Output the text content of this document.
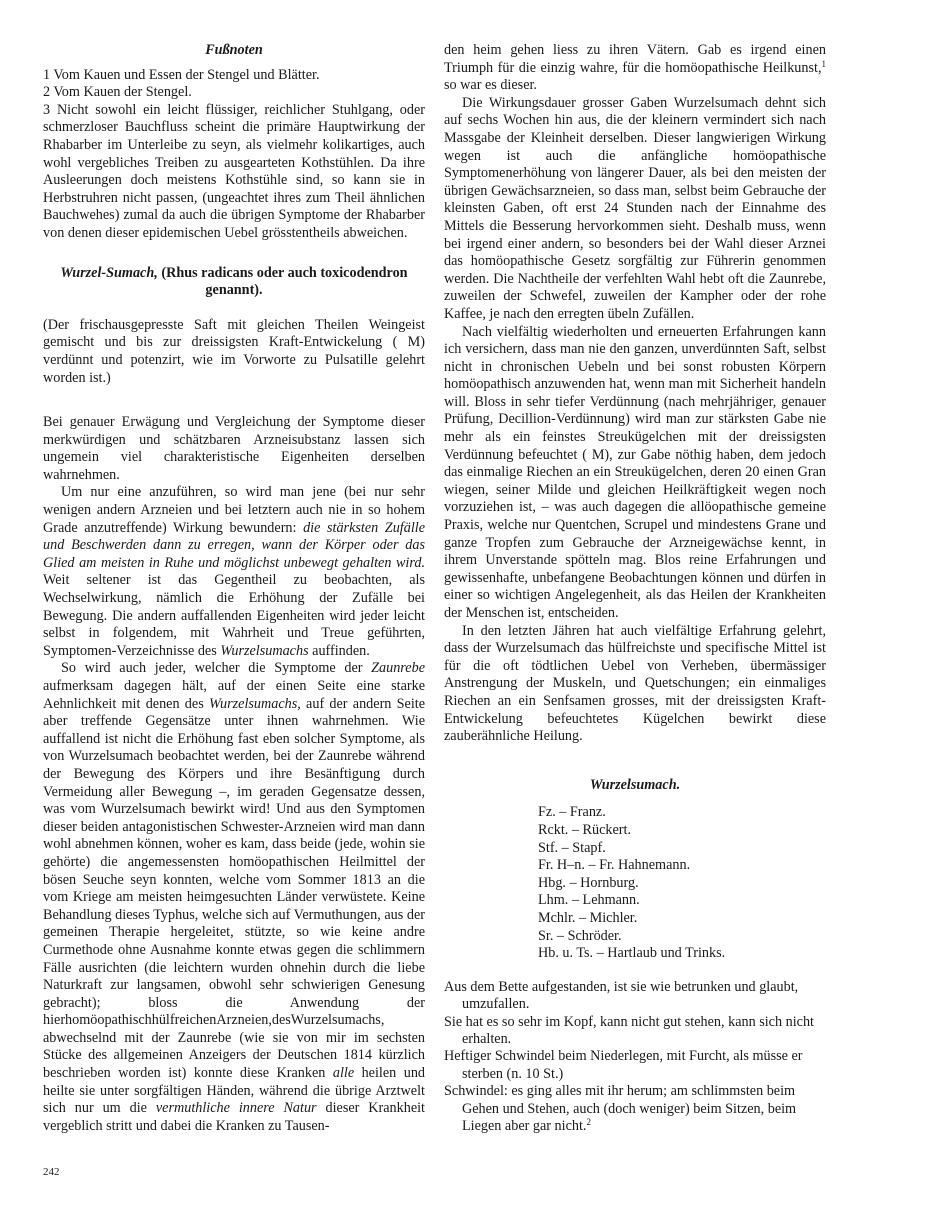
Fußnoten
1 Vom Kauen und Essen der Stengel und Blätter.
2 Vom Kauen der Stengel.
3 Nicht sowohl ein leicht flüssiger, reichlicher Stuhlgang, oder schmerzloser Bauchfluss scheint die primäre Hauptwirkung der Rhabarber im Unterleibe zu seyn, als vielmehr kolikartiges, auch wohl vergebliches Treiben zu ausgearteten Kothstühlen. Da ihre Ausleerungen doch meistens Kothstühle sind, so kann sie in Herbstruhren nicht passen, (ungeachtet ihres zum Theil ähnlichen Bauchwehes) zumal da auch die übrigen Symptome der Rhabarber von denen dieser epidemischen Uebel grösstentheils abweichen.
Wurzel-Sumach, (Rhus radicans oder auch toxicodendron genannt).

(Der frischausgepresste Saft mit gleichen Theilen Weingeist gemischt und bis zur dreissigsten Kraft-Entwickelung ( M) verdünnt und potenzirt, wie im Vorworte zu Pulsatille gelehrt worden ist.)

Bei genauer Erwägung und Vergleichung der Symptome dieser merkwürdigen und schätzbaren Arzneisubstanz lassen sich ungemein viel charakteristische Eigenheiten derselben wahrnehmen.

Um nur eine anzuführen, so wird man jene (bei nur sehr wenigen andern Arzneien und bei letztern auch nie in so hohem Grade anzutreffende) Wirkung bewundern: die stärksten Zufälle und Beschwerden dann zu erregen, wann der Körper oder das Glied am meisten in Ruhe und möglichst unbewegt gehalten wird. Weit seltener ist das Gegentheil zu beobachten, als Wechselwirkung, nämlich die Erhöhung der Zufälle bei Bewegung. Die andern auffallenden Eigenheiten wird jeder leicht selbst in folgendem, mit Wahrheit und Treue geführten, Symptomen-Verzeichnisse des Wurzelsumachs auffinden.

So wird auch jeder, welcher die Symptome der Zaunrebe aufmerksam dagegen hält, auf der einen Seite eine starke Aehnlichkeit mit denen des Wurzelsumachs, auf der andern Seite aber treffende Gegensätze unter ihnen wahrnehmen. Wie auffallend ist nicht die Erhöhung fast eben solcher Symptome, als von Wurzelsumach beobachtet werden, bei der Zaunrebe während der Bewegung des Körpers und ihre Besänftigung durch Vermeidung aller Bewegung –, im geraden Gegensatze dessen, was vom Wurzelsumach bewirkt wird! Und aus den Symptomen dieser beiden antagonistischen Schwester-Arzneien wird man dann wohl abnehmen können, woher es kam, dass beide (jede, wohin sie gehörte) die angemessensten homöopathischen Heilmittel der bösen Seuche seyn konnten, welche vom Sommer 1813 an die vom Kriege am meisten heimgesuchten Länder verwüstete. Keine Behandlung dieses Typhus, welche sich auf Vermuthungen, aus der gemeinen Therapie hergeleitet, stützte, so wie keine andre Curmethode ohne Ausnahme konnte etwas gegen die schlimmern Fälle ausrichten (die leichtern wurden ohnehin durch die liebe Naturkraft zur langsamen, obwohl sehr schwierigen Genesung gebracht); bloss die Anwendung der hierhomöopathischhülfreichenArzneien,desWurzelsumachs, abwechselnd mit der Zaunrebe (wie sie von mir im sechsten Stücke des allgemeinen Anzeigers der Deutschen 1814 kürzlich beschrieben worden ist) konnte diese Kranken alle heilen und heilte sie unter sorgfältigen Händen, während die übrige Arztwelt sich nur um die vermuthliche innere Natur dieser Krankheit vergeblich stritt und dabei die Kranken zu Tausen-

den heim gehen liess zu ihren Vätern. Gab es irgend einen Triumph für die einzig wahre, für die homöopathische Heilkunst,$^1$ so war es dieser.

Die Wirkungsdauer grosser Gaben Wurzelsumach dehnt sich auf sechs Wochen hin aus, die der kleinern vermindert sich nach Massgabe der Kleinheit derselben. Dieser langwierigen Wirkung wegen ist auch die anfängliche homöopathische Symptomenerhöhung von längerer Dauer, als bei den meisten der übrigen Gewächsarzneien, so dass man, selbst beim Gebrauche der kleinsten Gaben, oft erst 24 Stunden nach der Einnahme des Mittels die Besserung hervorkommen sieht. Deshalb muss, wenn bei irgend einer andern, so besonders bei der Wahl dieser Arznei das homöopathische Gesetz sorgfältig zur Führerin genommen werden. Die Nachtheile der verfehlten Wahl hebt oft die Zaunrebe, zuweilen der Schwefel, zuweilen der Kampher oder der rohe Kaffee, je nach den erregten übeln Zufällen.

Nach vielfältig wiederholten und erneuerten Erfahrungen kann ich versichern, dass man nie den ganzen, unverdünnten Saft, selbst nicht in chronischen Uebeln und bei sonst robusten Körpern homöopathisch anzuwenden hat, wenn man mit Sicherheit handeln will. Bloss in sehr tiefer Verdünnung (nach mehrjähriger, genauer Prüfung, Decillion-Verdünnung) wird man zur stärksten Gabe nie mehr als ein feinstes Streukügelchen mit der dreissigsten Verdünnung befeuchtet ( M), zur Gabe nöthig haben, dem jedoch das einmalige Riechen an ein Streukügelchen, deren 20 einen Gran wiegen, seiner Milde und gleichen Heilkräftigkeit wegen noch vorzuziehen ist, – was auch dagegen die allöopathische gemeine Praxis, welche nur Quentchen, Scrupel und mindestens Grane und ganze Tropfen zum Gebrauche der Arzneigewächse kennt, in ihrem Unverstande spötteln mag. Blos reine Erfahrungen und gewissenhafte, unbefangene Beobachtungen können und dürfen in einer so wichtigen Angelegenheit, als das Heilen der Krankheiten der Menschen ist, entscheiden.

In den letzten Jähren hat auch vielfältige Erfahrung gelehrt, dass der Wurzelsumach das hülfreichste und specifische Mittel ist für die oft tödtlichen Uebel von Verheben, übermässiger Anstrengung der Muskeln, und Quetschungen; ein einmaliges Riechen an ein Senfsamen grosses, mit der dreissigsten Kraft-Entwickelung befeuchtetes Kügelchen bewirkt diese zauberähnliche Heilung.

Wurzelsumach.
Fz. – Franz.
Rckt. – Rückert.
Stf. – Stapf.
Fr. H–n. – Fr. Hahnemann.
Hbg. – Hornburg.
Lhm. – Lehmann.
Mchlr. – Michler.
Sr. – Schröder.
Hb. u. Ts. – Hartlaub und Trinks.

Aus dem Bette aufgestanden, ist sie wie betrunken und glaubt, umzufallen.

Sie hat es so sehr im Kopf, kann nicht gut stehen, kann sich nicht erhalten.

Heftiger Schwindel beim Niederlegen, mit Furcht, als müsse er sterben (n. 10 St.)

Schwindel: es ging alles mit ihr herum; am schlimmsten beim Gehen und Stehen, auch (doch weniger) beim Sitzen, beim Liegen aber gar nicht.$^2$

242
